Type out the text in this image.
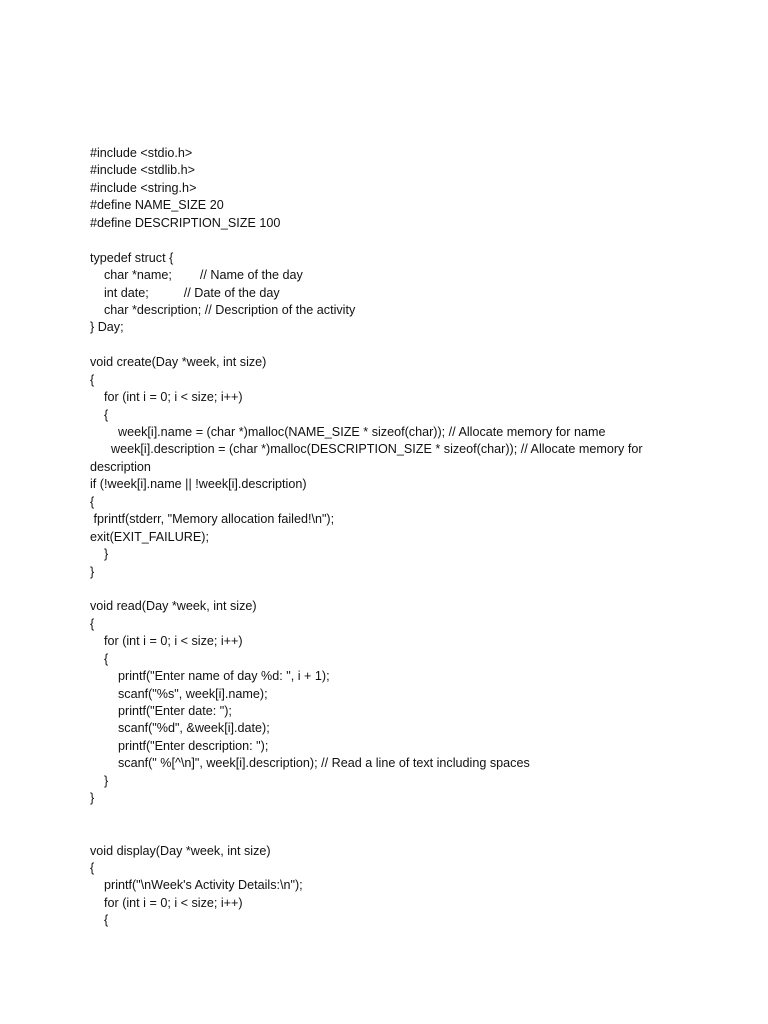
#include <stdio.h>
#include <stdlib.h>
#include <string.h>
#define NAME_SIZE 20
#define DESCRIPTION_SIZE 100
typedef struct {
char *name;        // Name of the day
int date;          // Date of the day
char *description; // Description of the activity
} Day;
void create(Day *week, int size)
{
for (int i = 0; i < size; i++)
{
week[i].name = (char *)malloc(NAME_SIZE * sizeof(char)); // Allocate memory for name
week[i].description = (char *)malloc(DESCRIPTION_SIZE * sizeof(char)); // Allocate memory for
description
if (!week[i].name || !week[i].description)
{
fprintf(stderr, "Memory allocation failed!\n");
exit(EXIT_FAILURE);
}
}
void read(Day *week, int size)
{
for (int i = 0; i < size; i++)
{
printf("Enter name of day %d: ", i + 1);
scanf("%s", week[i].name);
printf("Enter date: ");
scanf("%d", &week[i].date);
printf("Enter description: ");
scanf(" %[^\n]", week[i].description); // Read a line of text including spaces
}
}
void display(Day *week, int size)
{
printf("\nWeek's Activity Details:\n");
for (int i = 0; i < size; i++)
{
